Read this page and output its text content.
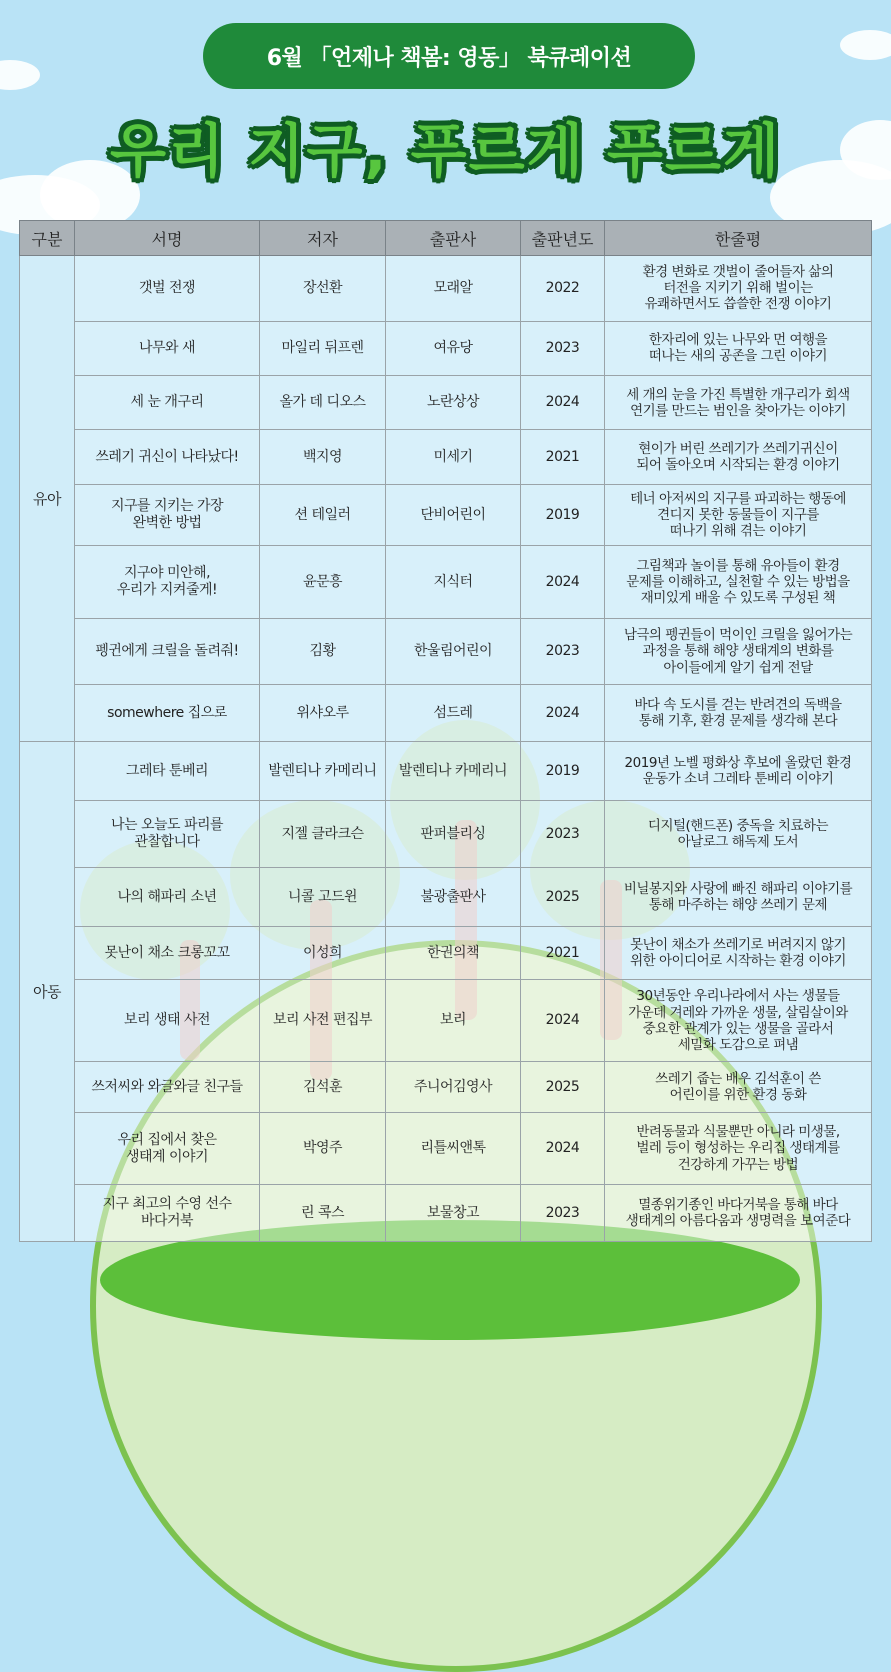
6월 「언제나 책봄: 영동」 북큐레이션
우리 지구, 푸르게 푸르게
구분	서명	저자	출판사	출판년도	한줄평
유아	갯벌 전쟁	장선환	모래알	2022	환경 변화로 갯벌이 줄어들자 삶의
터전을 지키기 위해 벌이는
유쾌하면서도 씁쓸한 전쟁 이야기
	나무와 새	마일리 뒤프렌	여유당	2023	한자리에 있는 나무와 먼 여행을
떠나는 새의 공존을 그린 이야기
	세 눈 개구리	올가 데 디오스	노란상상	2024	세 개의 눈을 가진 특별한 개구리가 회색
연기를 만드는 범인을 찾아가는 이야기
	쓰레기 귀신이 나타났다!	백지영	미세기	2021	현이가 버린 쓰레기가 쓰레기귀신이
되어 돌아오며 시작되는 환경 이야기
	지구를 지키는 가장
완벽한 방법	션 테일러	단비어린이	2019	테너 아저씨의 지구를 파괴하는 행동에
견디지 못한 동물들이 지구를
떠나기 위해 겪는 이야기
	지구야 미안해,
우리가 지켜줄게!	윤문흥	지식터	2024	그림책과 놀이를 통해 유아들이 환경
문제를 이해하고, 실천할 수 있는 방법을
재미있게 배울 수 있도록 구성된 책
	펭귄에게 크릴을 돌려줘!	김황	한울림어린이	2023	남극의 펭귄들이 먹이인 크릴을 잃어가는
과정을 통해 해양 생태계의 변화를
아이들에게 알기 쉽게 전달
	somewhere 집으로	위샤오루	섬드레	2024	바다 속 도시를 걷는 반려견의 독백을
통해 기후, 환경 문제를 생각해 본다
아동	그레타 툰베리	발렌티나 카메리니	발렌티나 카메리니	2019	2019년 노벨 평화상 후보에 올랐던 환경
운동가 소녀 그레타 툰베리 이야기
	나는 오늘도 파리를
관찰합니다	지젤 클라크슨	판퍼블리싱	2023	디지털(핸드폰) 중독을 치료하는
아날로그 해독제 도서
	나의 해파리 소년	니콜 고드윈	불광출판사	2025	비닐봉지와 사랑에 빠진 해파리 이야기를
통해 마주하는 해양 쓰레기 문제
	못난이 채소 크롱꼬꼬	이성희	한권의책	2021	못난이 채소가 쓰레기로 버려지지 않기
위한 아이디어로 시작하는 환경 이야기
	보리 생태 사전	보리 사전 편집부	보리	2024	30년동안 우리나라에서 사는 생물들
가운데 겨레와 가까운 생물, 살림살이와
중요한 관계가 있는 생물을 골라서
세밀화 도감으로 펴냄
	쓰저씨와 와글와글 친구들	김석훈	주니어김영사	2025	쓰레기 줍는 배우 김석훈이 쓴
어린이를 위한 환경 동화
	우리 집에서 찾은
생태계 이야기	박영주	리틀씨앤톡	2024	반려동물과 식물뿐만 아니라 미생물,
벌레 등이 형성하는 우리집 생태계를
건강하게 가꾸는 방법
	지구 최고의 수영 선수
바다거북	린 콕스	보물창고	2023	멸종위기종인 바다거북을 통해 바다
생태계의 아름다움과 생명력을 보여준다
